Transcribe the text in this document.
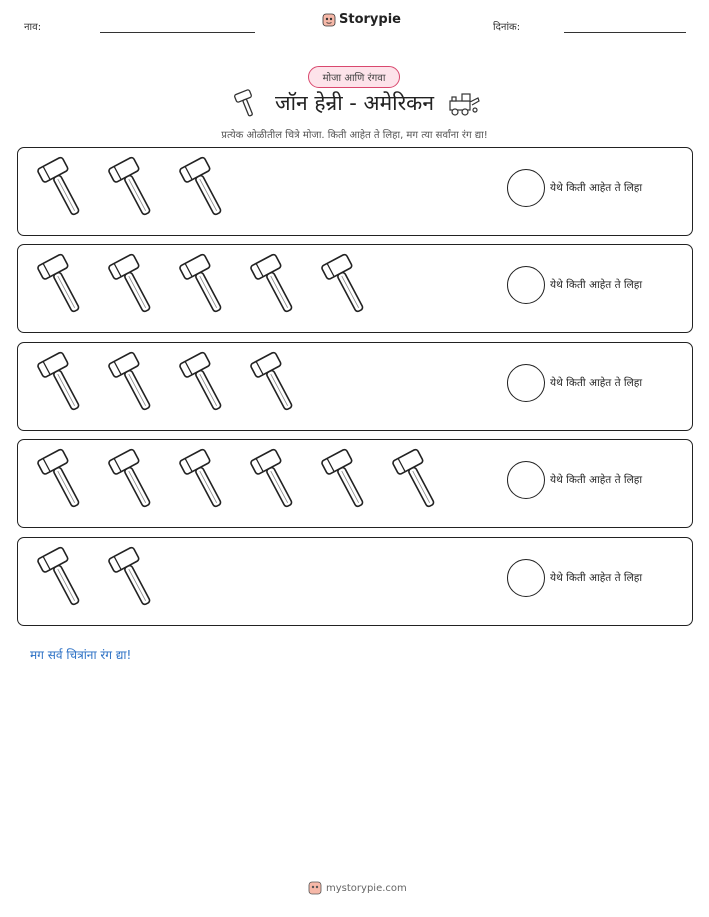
नाव:
Storypie
दिनांक:
मोजा आणि रंगवा
जॉन हेन्री - अमेरिकन
प्रत्येक ओळीतील चित्रे मोजा. किती आहेत ते लिहा, मग त्या सर्वांना रंग द्या!
येथे किती आहेत ते लिहा
येथे किती आहेत ते लिहा
येथे किती आहेत ते लिहा
येथे किती आहेत ते लिहा
येथे किती आहेत ते लिहा
मग सर्व चित्रांना रंग द्या!
mystorypie.com
